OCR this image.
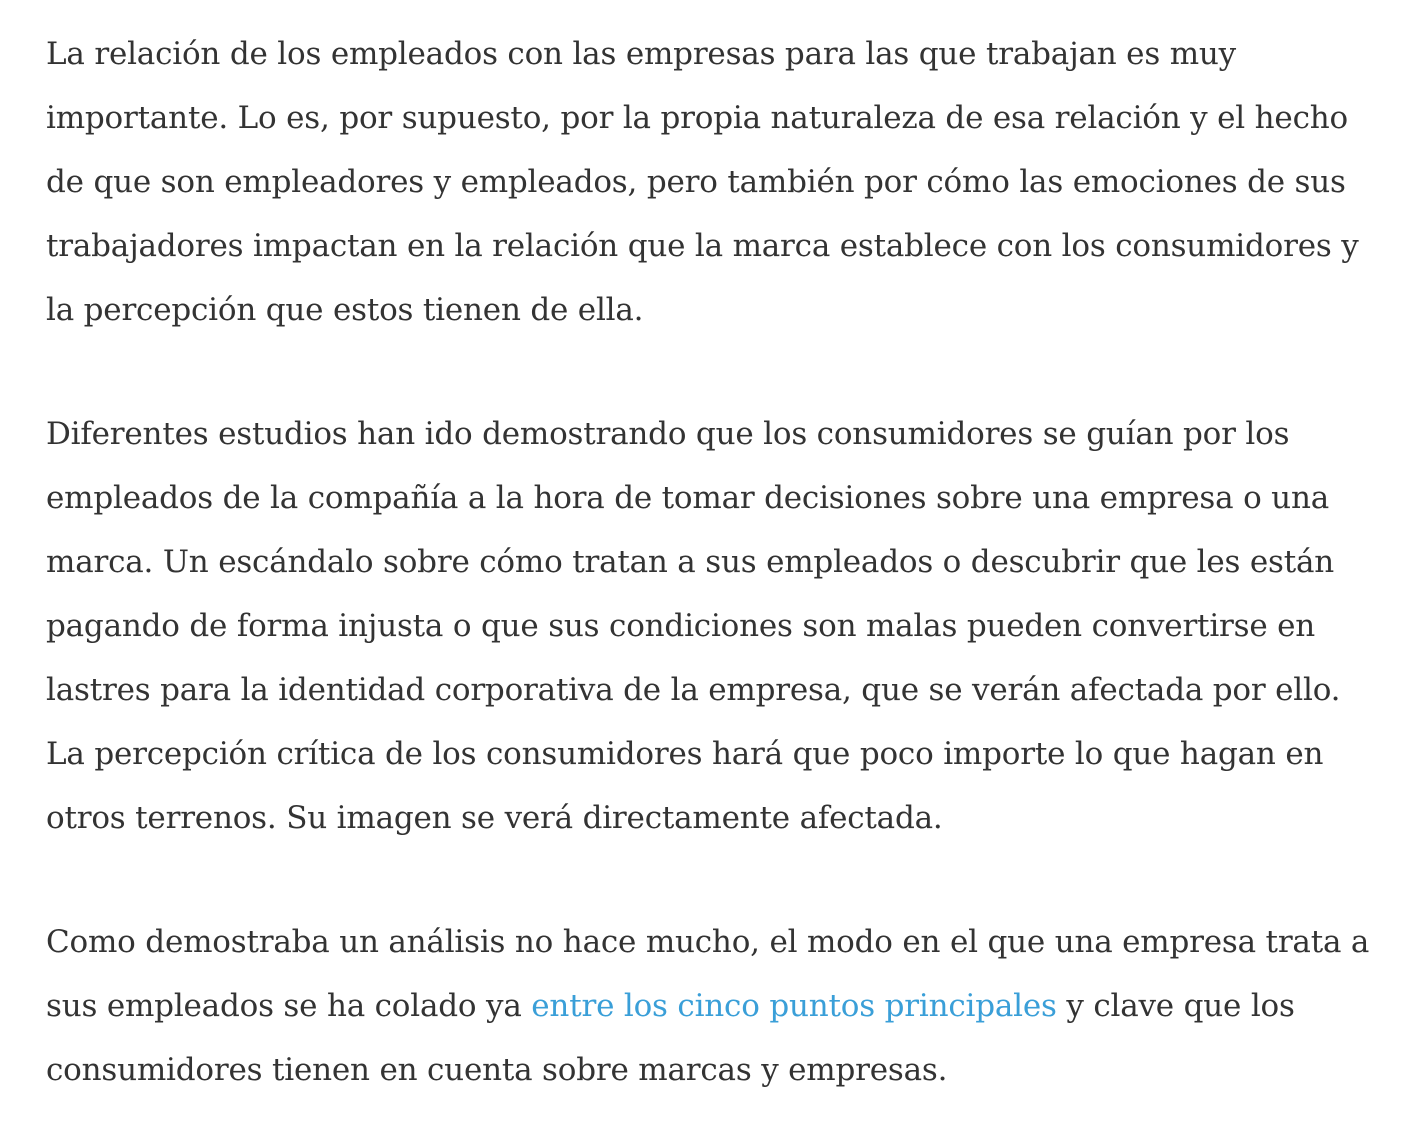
La relación de los empleados con las empresas para las que trabajan es muy importante. Lo es, por supuesto, por la propia naturaleza de esa relación y el hecho de que son empleadores y empleados, pero también por cómo las emociones de sus trabajadores impactan en la relación que la marca establece con los consumidores y la percepción que estos tienen de ella.

Diferentes estudios han ido demostrando que los consumidores se guían por los empleados de la compañía a la hora de tomar decisiones sobre una empresa o una marca. Un escándalo sobre cómo tratan a sus empleados o descubrir que les están pagando de forma injusta o que sus condiciones son malas pueden convertirse en lastres para la identidad corporativa de la empresa, que se verán afectada por ello. La percepción crítica de los consumidores hará que poco importe lo que hagan en otros terrenos. Su imagen se verá directamente afectada.

Como demostraba un análisis no hace mucho, el modo en el que una empresa trata a sus empleados se ha colado ya entre los cinco puntos principales y clave que los consumidores tienen en cuenta sobre marcas y empresas.
